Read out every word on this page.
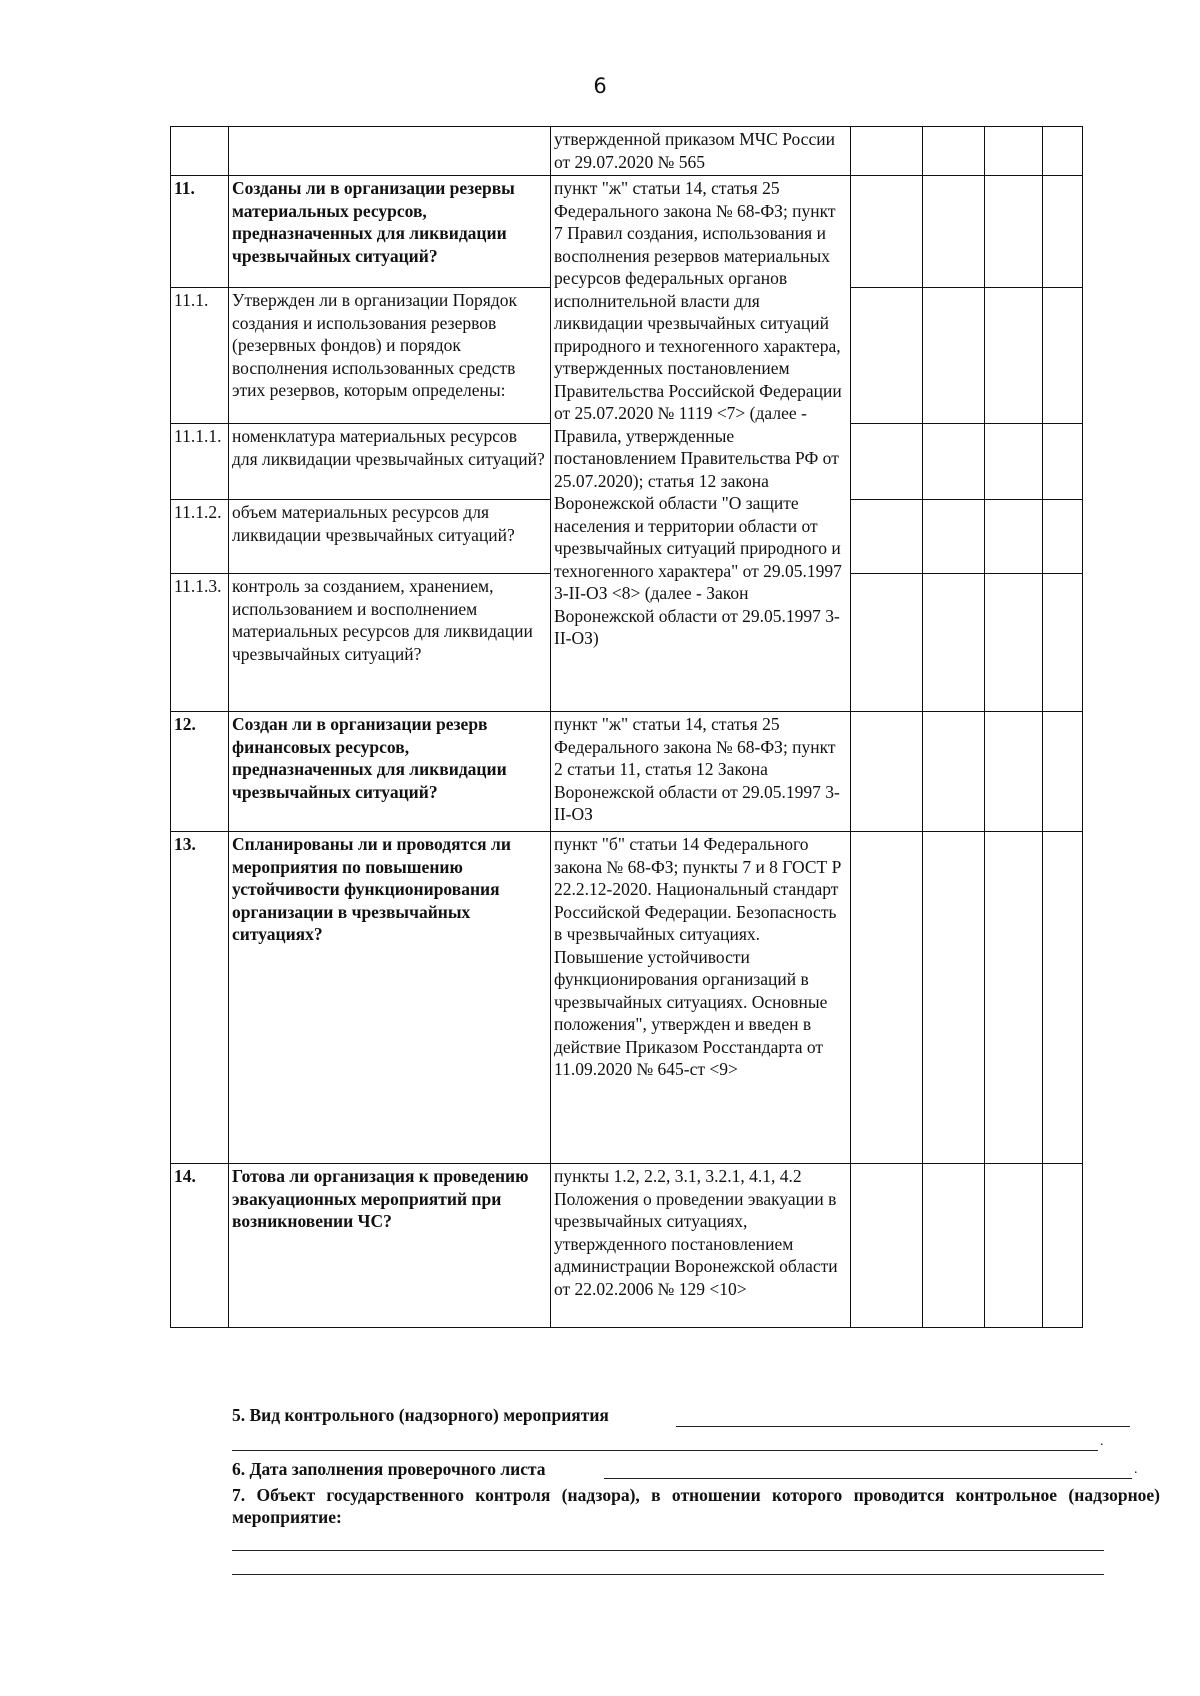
6
		утвержденной приказом МЧС России от 29.07.2020 № 565				
11.	Созданы ли в организации резервы материальных ресурсов, предназначенных для ликвидации чрезвычайных ситуаций?	пункт "ж" статьи 14, статья 25 Федерального закона № 68-ФЗ; пункт 7 Правил создания, использования и восполнения резервов материальных ресурсов федеральных органов исполнительной власти для ликвидации чрезвычайных ситуаций природного и техногенного характера, утвержденных постановлением Правительства Российской Федерации от 25.07.2020 № 1119 <7> (далее - Правила, утвержденные постановлением Правительства РФ от 25.07.2020); статья 12 закона Воронежской области "О защите населения и территории области от чрезвычайных ситуаций природного и техногенного характера" от 29.05.1997 3-II-ОЗ <8> (далее - Закон Воронежской области от 29.05.1997 3-II-ОЗ)				
11.1.	Утвержден ли в организации Порядок создания и использования резервов (резервных фондов) и порядок восполнения использованных средств этих резервов, которым определены:					
11.1.1.	номенклатура материальных ресурсов для ликвидации чрезвычайных ситуаций?					
11.1.2.	объем материальных ресурсов для ликвидации чрезвычайных ситуаций?					
11.1.3.	контроль за созданием, хранением, использованием и восполнением материальных ресурсов для ликвидации чрезвычайных ситуаций?					
12.	Создан ли в организации резерв финансовых ресурсов, предназначенных для ликвидации чрезвычайных ситуаций?	пункт "ж" статьи 14, статья 25 Федерального закона № 68-ФЗ; пункт 2 статьи 11, статья 12 Закона Воронежской области от 29.05.1997 3-II-ОЗ				
13.	Спланированы ли и проводятся ли мероприятия по повышению устойчивости функционирования организации в чрезвычайных ситуациях?	пункт "б" статьи 14 Федерального закона № 68-ФЗ; пункты 7 и 8 ГОСТ Р 22.2.12-2020. Национальный стандарт Российской Федерации. Безопасность в чрезвычайных ситуациях. Повышение устойчивости функционирования организаций в чрезвычайных ситуациях. Основные положения", утвержден и введен в действие Приказом Росстандарта от 11.09.2020 № 645-ст <9>				
14.	Готова ли организация к проведению эвакуационных мероприятий при возникновении ЧС?	пункты 1.2, 2.2, 3.1, 3.2.1, 4.1, 4.2 Положения о проведении эвакуации в чрезвычайных ситуациях, утвержденного постановлением администрации Воронежской области от 22.02.2006 № 129 <10>				
5. Вид контрольного (надзорного) мероприятия
.
6. Дата заполнения проверочного листа	.
7. Объект государственного контроля (надзора), в отношении которого проводится контрольное (надзорное) мероприятие:
